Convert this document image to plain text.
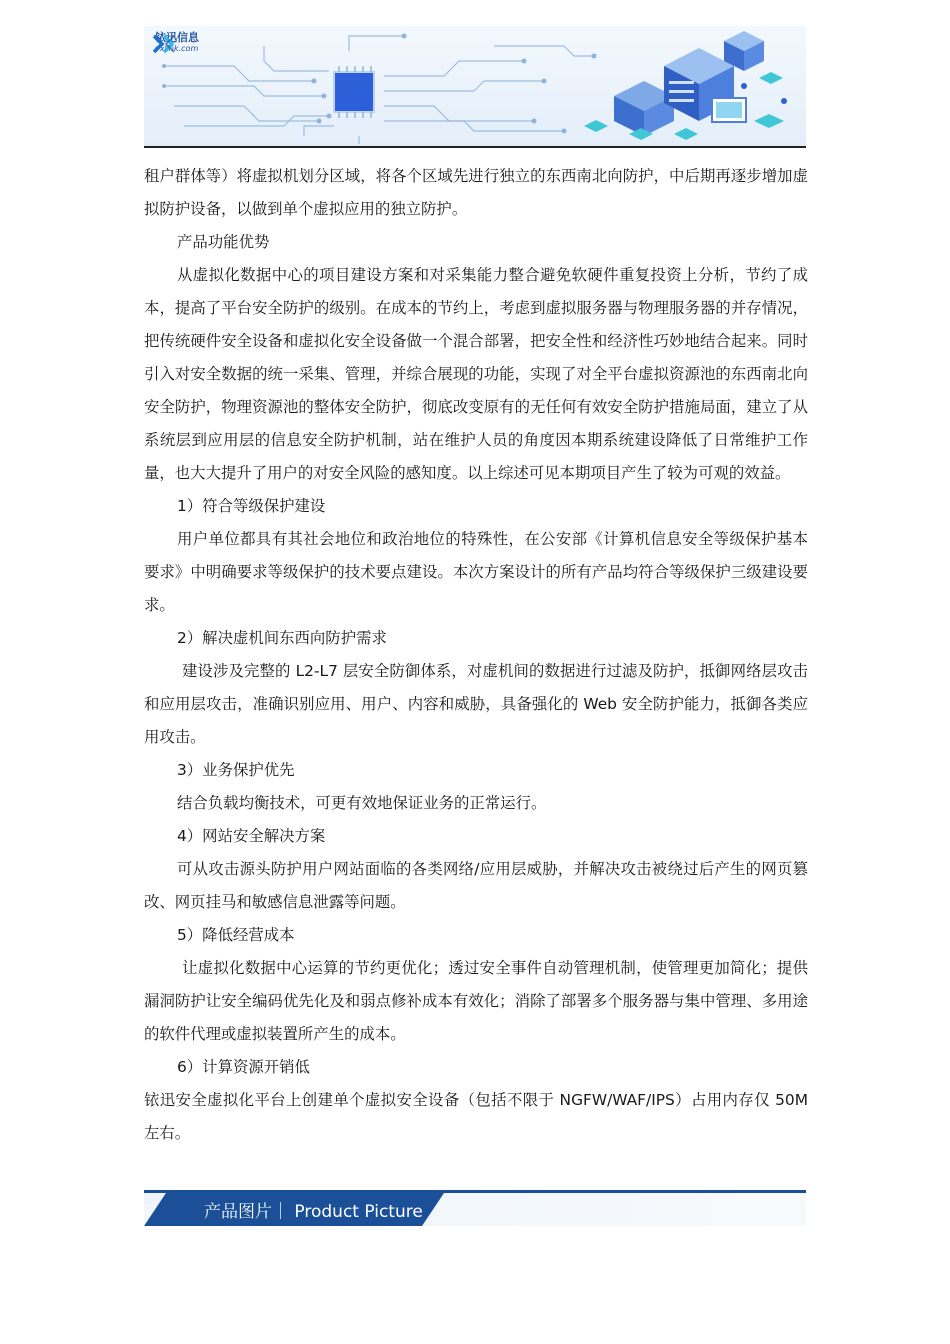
铱迅信息
yxlink.com

租户群体等）将虚拟机划分区域，将各个区域先进行独立的东西南北向防护，中后期再逐步增加虚拟防护设备，以做到单个虚拟应用的独立防护。

产品功能优势

从虚拟化数据中心的项目建设方案和对采集能力整合避免软硬件重复投资上分析，节约了成本，提高了平台安全防护的级别。在成本的节约上，考虑到虚拟服务器与物理服务器的并存情况，把传统硬件安全设备和虚拟化安全设备做一个混合部署，把安全性和经济性巧妙地结合起来。同时引入对安全数据的统一采集、管理，并综合展现的功能，实现了对全平台虚拟资源池的东西南北向安全防护，物理资源池的整体安全防护，彻底改变原有的无任何有效安全防护措施局面，建立了从系统层到应用层的信息安全防护机制，站在维护人员的角度因本期系统建设降低了日常维护工作量，也大大提升了用户的对安全风险的感知度。以上综述可见本期项目产生了较为可观的效益。

1）符合等级保护建设

用户单位都具有其社会地位和政治地位的特殊性，在公安部《计算机信息安全等级保护基本要求》中明确要求等级保护的技术要点建设。本次方案设计的所有产品均符合等级保护三级建设要求。

2）解决虚机间东西向防护需求

建设涉及完整的 L2-L7 层安全防御体系，对虚机间的数据进行过滤及防护，抵御网络层攻击和应用层攻击，准确识别应用、用户、内容和威胁，具备强化的 Web 安全防护能力，抵御各类应用攻击。

3）业务保护优先

结合负载均衡技术，可更有效地保证业务的正常运行。

4）网站安全解决方案

可从攻击源头防护用户网站面临的各类网络/应用层威胁，并解决攻击被绕过后产生的网页篡改、网页挂马和敏感信息泄露等问题。

5）降低经营成本

让虚拟化数据中心运算的节约更优化；透过安全事件自动管理机制，使管理更加简化；提供漏洞防护让安全编码优先化及和弱点修补成本有效化；消除了部署多个服务器与集中管理、多用途的软件代理或虚拟装置所产生的成本。

6）计算资源开销低

铱迅安全虚拟化平台上创建单个虚拟安全设备（包括不限于 NGFW/WAF/IPS）占用内存仅 50M 左右。

产品图片｜ Product Picture
